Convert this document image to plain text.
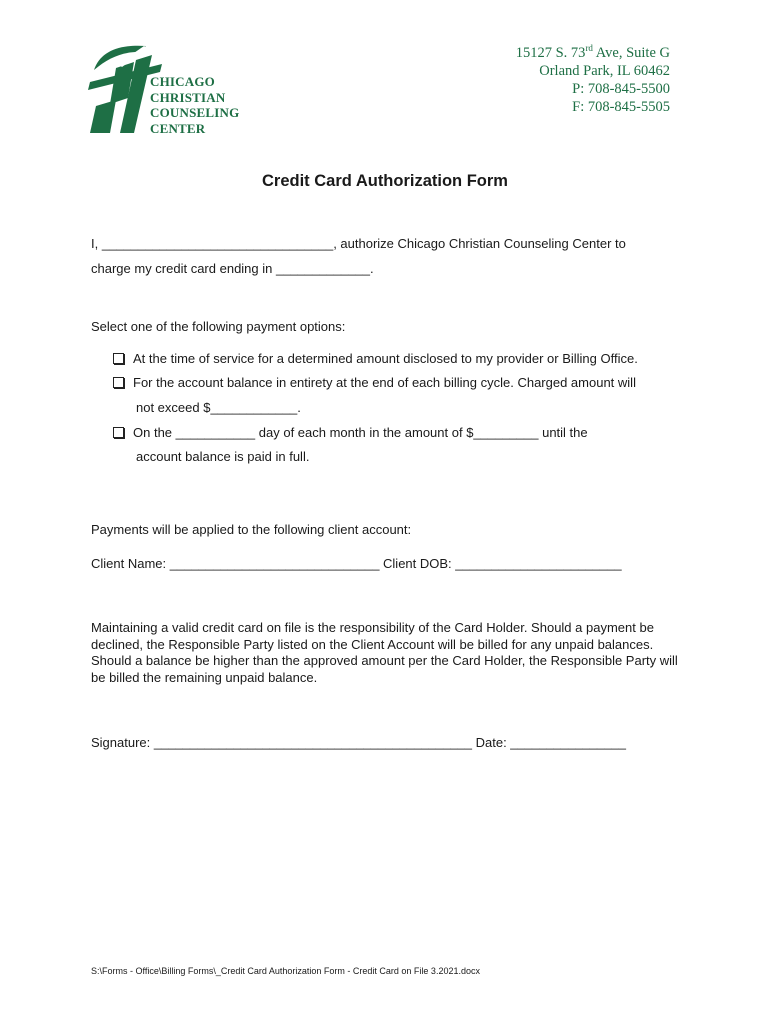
CHICAGO
CHRISTIAN
COUNSELING
CENTER
15127 S. 73rd Ave, Suite G
Orland Park, IL 60462
P: 708-845-5500
F: 708-845-5505
Credit Card Authorization Form
I, ________________________________, authorize Chicago Christian Counseling Center to
charge my credit card ending in _____________.
Select one of the following payment options:
At the time of service for a determined amount disclosed to my provider or Billing Office.
For the account balance in entirety at the end of each billing cycle. Charged amount will
not exceed $____________.
On the ___________ day of each month in the amount of $_________ until the
account balance is paid in full.
Payments will be applied to the following client account:
Client Name: _____________________________ Client DOB: _______________________
Maintaining a valid credit card on file is the responsibility of the Card Holder. Should a payment be declined, the Responsible Party listed on the Client Account will be billed for any unpaid balances. Should a balance be higher than the approved amount per the Card Holder, the Responsible Party will be billed the remaining unpaid balance.
Signature: ____________________________________________ Date: ________________
S:\Forms - Office\Billing Forms\_Credit Card Authorization Form - Credit Card on File 3.2021.docx
